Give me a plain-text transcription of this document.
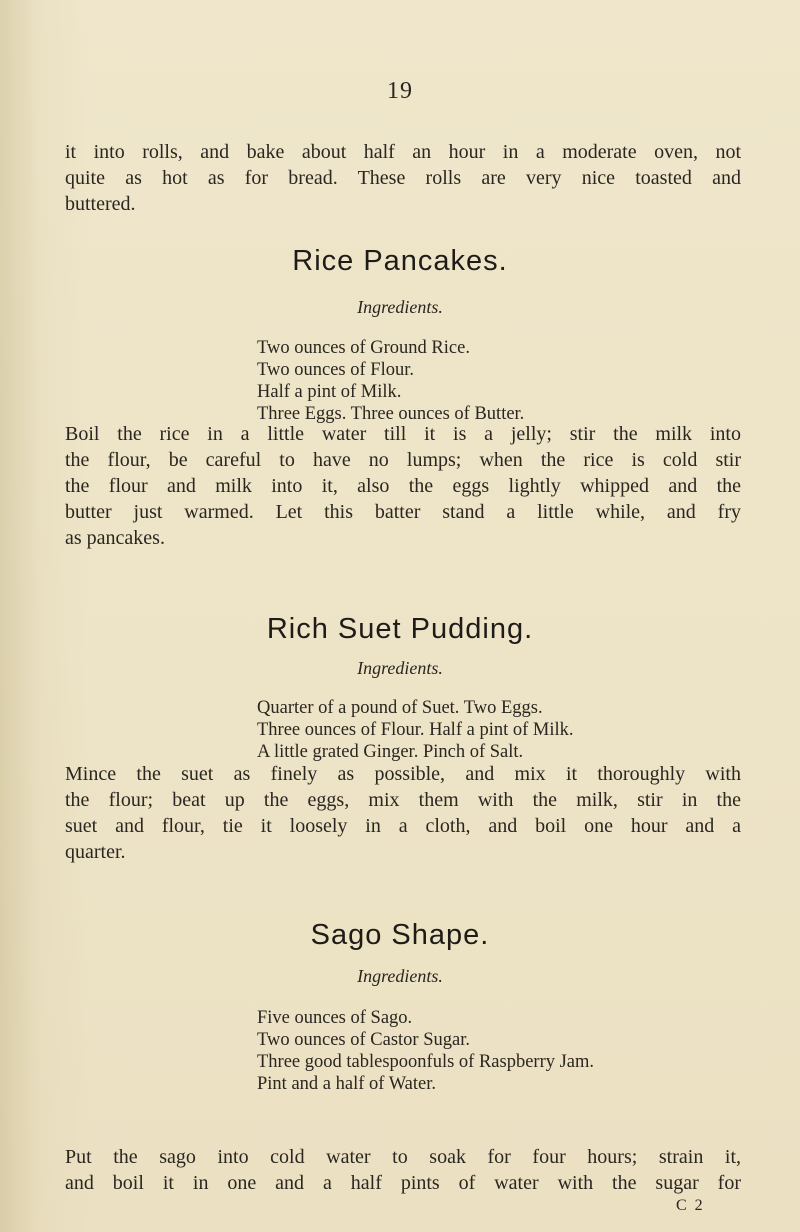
19
it into rolls, and bake about half an hour in a moderate oven, not
quite as hot as for bread. These rolls are very nice toasted and
buttered.
Rice Pancakes.
Ingredients.
Two ounces of Ground Rice.
Two ounces of Flour.
Half a pint of Milk.
Three Eggs. Three ounces of Butter.
Boil the rice in a little water till it is a jelly; stir the milk into
the flour, be careful to have no lumps; when the rice is cold stir
the flour and milk into it, also the eggs lightly whipped and the
butter just warmed. Let this batter stand a little while, and fry
as pancakes.
Rich Suet Pudding.
Ingredients.
Quarter of a pound of Suet. Two Eggs.
Three ounces of Flour. Half a pint of Milk.
A little grated Ginger. Pinch of Salt.
Mince the suet as finely as possible, and mix it thoroughly with
the flour; beat up the eggs, mix them with the milk, stir in the
suet and flour, tie it loosely in a cloth, and boil one hour and a
quarter.
Sago Shape.
Ingredients.
Five ounces of Sago.
Two ounces of Castor Sugar.
Three good tablespoonfuls of Raspberry Jam.
Pint and a half of Water.
Put the sago into cold water to soak for four hours; strain it,
and boil it in one and a half pints of water with the sugar for
C 2
